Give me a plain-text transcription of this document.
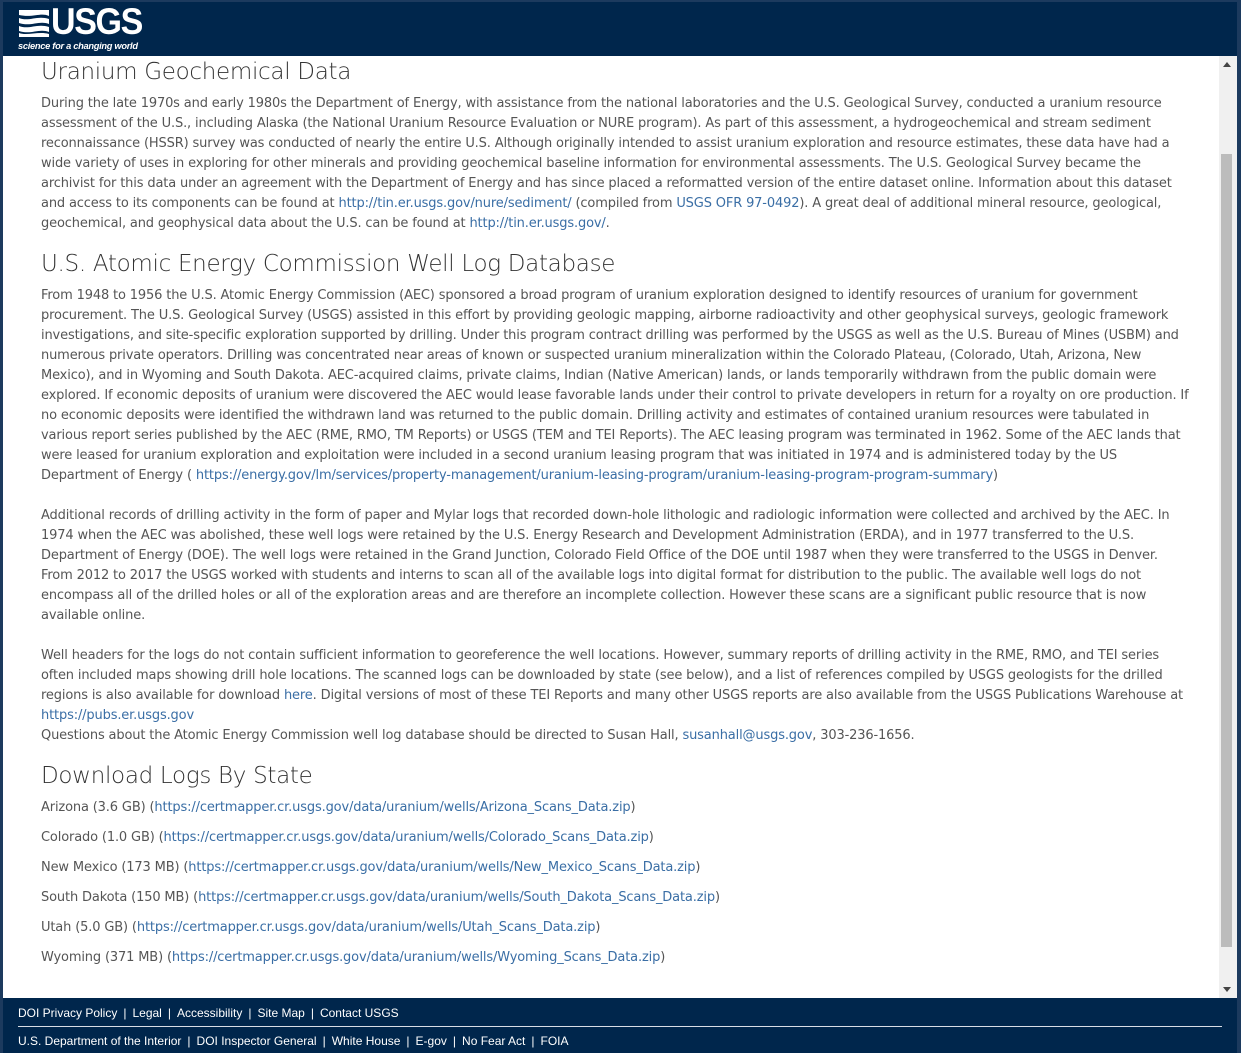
USGS
science for a changing world
Uranium Geochemical Data

During the late 1970s and early 1980s the Department of Energy, with assistance from the national laboratories and the U.S. Geological Survey, conducted a uranium resource assessment of the U.S., including Alaska (the National Uranium Resource Evaluation or NURE program). As part of this assessment, a hydrogeochemical and stream sediment reconnaissance (HSSR) survey was conducted of nearly the entire U.S. Although originally intended to assist uranium exploration and resource estimates, these data have had a wide variety of uses in exploring for other minerals and providing geochemical baseline information for environmental assessments. The U.S. Geological Survey became the archivist for this data under an agreement with the Department of Energy and has since placed a reformatted version of the entire dataset online. Information about this dataset and access to its components can be found at http://tin.er.usgs.gov/nure/sediment/ (compiled from USGS OFR 97-0492). A great deal of additional mineral resource, geological, geochemical, and geophysical data about the U.S. can be found at http://tin.er.usgs.gov/.

U.S. Atomic Energy Commission Well Log Database

From 1948 to 1956 the U.S. Atomic Energy Commission (AEC) sponsored a broad program of uranium exploration designed to identify resources of uranium for government procurement. The U.S. Geological Survey (USGS) assisted in this effort by providing geologic mapping, airborne radioactivity and other geophysical surveys, geologic framework investigations, and site-specific exploration supported by drilling. Under this program contract drilling was performed by the USGS as well as the U.S. Bureau of Mines (USBM) and numerous private operators. Drilling was concentrated near areas of known or suspected uranium mineralization within the Colorado Plateau, (Colorado, Utah, Arizona, New Mexico), and in Wyoming and South Dakota. AEC-acquired claims, private claims, Indian (Native American) lands, or lands temporarily withdrawn from the public domain were explored. If economic deposits of uranium were discovered the AEC would lease favorable lands under their control to private developers in return for a royalty on ore production. If no economic deposits were identified the withdrawn land was returned to the public domain. Drilling activity and estimates of contained uranium resources were tabulated in various report series published by the AEC (RME, RMO, TM Reports) or USGS (TEM and TEI Reports). The AEC leasing program was terminated in 1962. Some of the AEC lands that were leased for uranium exploration and exploitation were included in a second uranium leasing program that was initiated in 1974 and is administered today by the US Department of Energy ( https://energy.gov/lm/services/property-management/uranium-leasing-program/uranium-leasing-program-program-summary)

Additional records of drilling activity in the form of paper and Mylar logs that recorded down-hole lithologic and radiologic information were collected and archived by the AEC. In 1974 when the AEC was abolished, these well logs were retained by the U.S. Energy Research and Development Administration (ERDA), and in 1977 transferred to the U.S. Department of Energy (DOE). The well logs were retained in the Grand Junction, Colorado Field Office of the DOE until 1987 when they were transferred to the USGS in Denver. From 2012 to 2017 the USGS worked with students and interns to scan all of the available logs into digital format for distribution to the public. The available well logs do not encompass all of the drilled holes or all of the exploration areas and are therefore an incomplete collection. However these scans are a significant public resource that is now available online.

Well headers for the logs do not contain sufficient information to georeference the well locations. However, summary reports of drilling activity in the RME, RMO, and TEI series often included maps showing drill hole locations. The scanned logs can be downloaded by state (see below), and a list of references compiled by USGS geologists for the drilled regions is also available for download here. Digital versions of most of these TEI Reports and many other USGS reports are also available from the USGS Publications Warehouse at https://pubs.er.usgs.gov
Questions about the Atomic Energy Commission well log database should be directed to Susan Hall, susanhall@usgs.gov, 303-236-1656.

Download Logs By State
Arizona (3.6 GB) (https://certmapper.cr.usgs.gov/data/uranium/wells/Arizona_Scans_Data.zip)
Colorado (1.0 GB) (https://certmapper.cr.usgs.gov/data/uranium/wells/Colorado_Scans_Data.zip)
New Mexico (173 MB) (https://certmapper.cr.usgs.gov/data/uranium/wells/New_Mexico_Scans_Data.zip)
South Dakota (150 MB) (https://certmapper.cr.usgs.gov/data/uranium/wells/South_Dakota_Scans_Data.zip)
Utah (5.0 GB) (https://certmapper.cr.usgs.gov/data/uranium/wells/Utah_Scans_Data.zip)
Wyoming (371 MB) (https://certmapper.cr.usgs.gov/data/uranium/wells/Wyoming_Scans_Data.zip)
DOI Privacy Policy | Legal | Accessibility | Site Map | Contact USGS
U.S. Department of the Interior | DOI Inspector General | White House | E-gov | No Fear Act | FOIA
